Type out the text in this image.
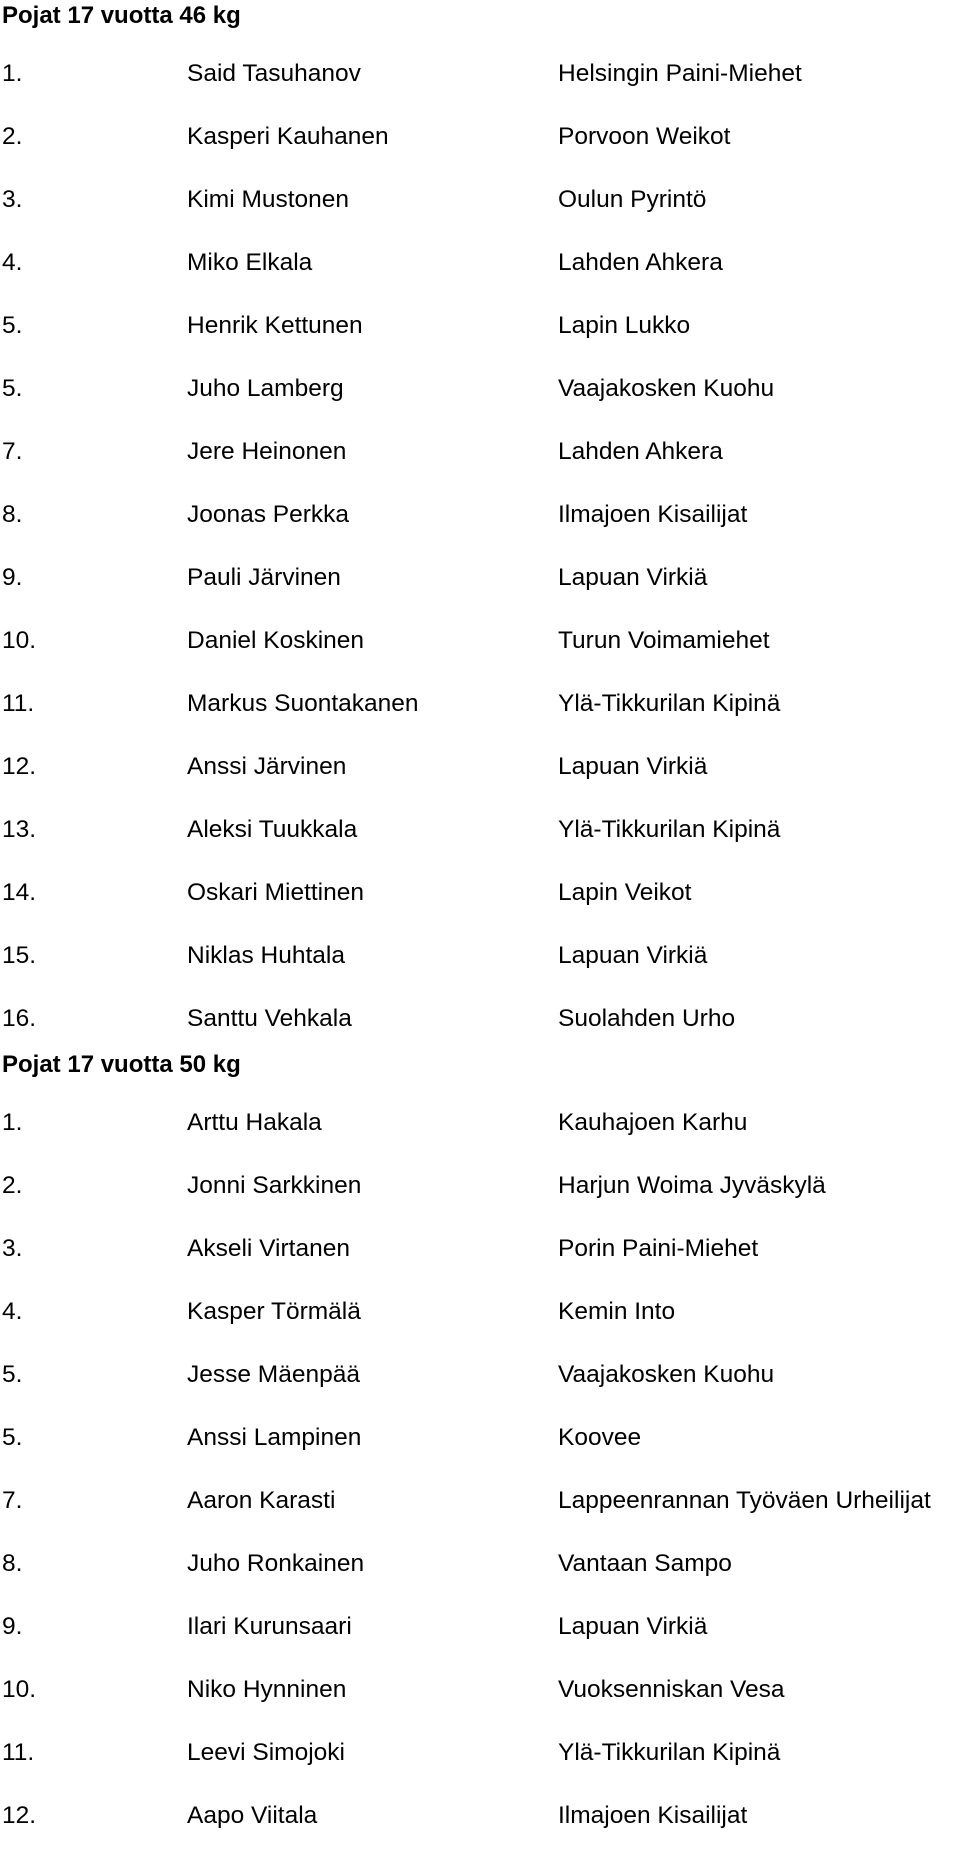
Pojat 17 vuotta 46 kg
1.	Said Tasuhanov	Helsingin Paini-Miehet
2.	Kasperi Kauhanen	Porvoon Weikot
3.	Kimi Mustonen	Oulun Pyrintö
4.	Miko Elkala	Lahden Ahkera
5.	Henrik Kettunen	Lapin Lukko
5.	Juho Lamberg	Vaajakosken Kuohu
7.	Jere Heinonen	Lahden Ahkera
8.	Joonas Perkka	Ilmajoen Kisailijat
9.	Pauli Järvinen	Lapuan Virkiä
10.	Daniel Koskinen	Turun Voimamiehet
11.	Markus Suontakanen	Ylä-Tikkurilan Kipinä
12.	Anssi Järvinen	Lapuan Virkiä
13.	Aleksi Tuukkala	Ylä-Tikkurilan Kipinä
14.	Oskari Miettinen	Lapin Veikot
15.	Niklas Huhtala	Lapuan Virkiä
16.	Santtu Vehkala	Suolahden Urho
Pojat 17 vuotta 50 kg
1.	Arttu Hakala	Kauhajoen Karhu
2.	Jonni Sarkkinen	Harjun Woima Jyväskylä
3.	Akseli Virtanen	Porin Paini-Miehet
4.	Kasper Törmälä	Kemin Into
5.	Jesse Mäenpää	Vaajakosken Kuohu
5.	Anssi Lampinen	Koovee
7.	Aaron Karasti	Lappeenrannan Työväen Urheilijat
8.	Juho Ronkainen	Vantaan Sampo
9.	Ilari Kurunsaari	Lapuan Virkiä
10.	Niko Hynninen	Vuoksenniskan Vesa
11.	Leevi Simojoki	Ylä-Tikkurilan Kipinä
12.	Aapo Viitala	Ilmajoen Kisailijat
